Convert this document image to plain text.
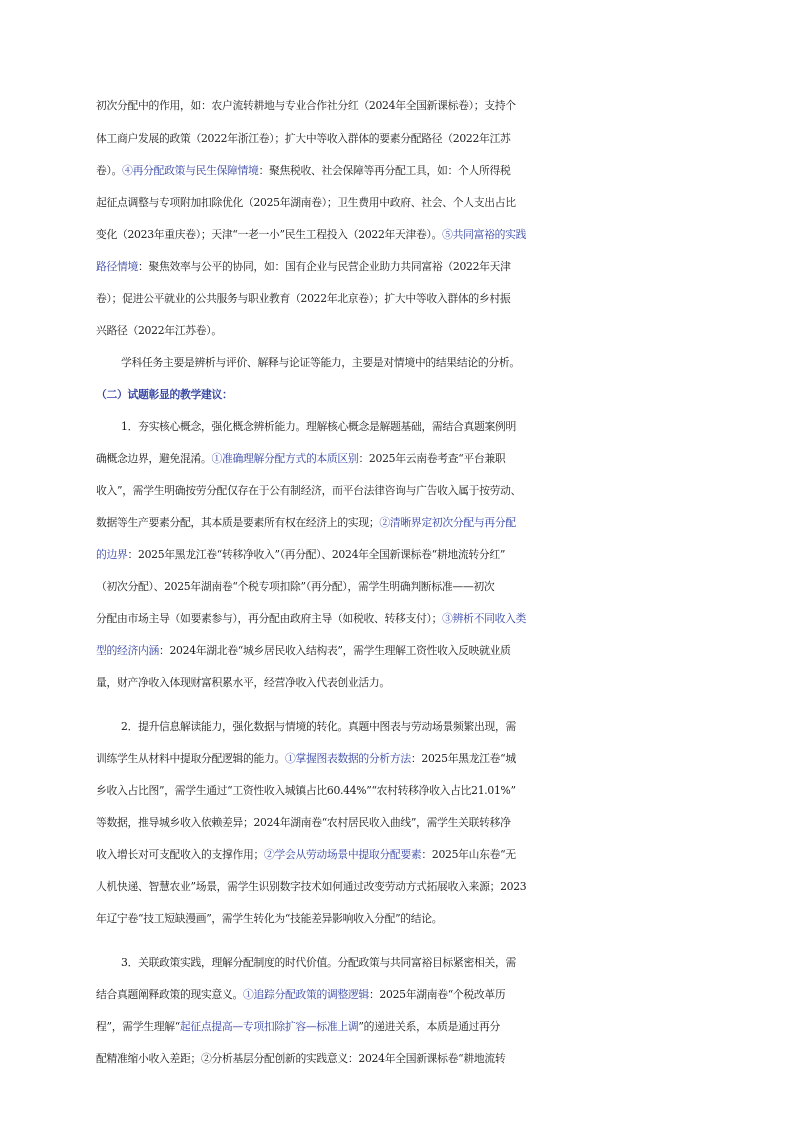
初次分配中的作用，如：农户流转耕地与专业合作社分红（2024年全国新课标卷）；支持个
体工商户发展的政策（2022年浙江卷）；扩大中等收入群体的要素分配路径（2022年江苏
卷）。④再分配政策与民生保障情境：聚焦税收、社会保障等再分配工具，如：个人所得税
起征点调整与专项附加扣除优化（2025年湖南卷）；卫生费用中政府、社会、个人支出占比
变化（2023年重庆卷）；天津“一老一小”民生工程投入（2022年天津卷）。⑤共同富裕的实践
路径情境：聚焦效率与公平的协同，如：国有企业与民营企业助力共同富裕（2022年天津
卷）；促进公平就业的公共服务与职业教育（2022年北京卷）；扩大中等收入群体的乡村振
兴路径（2022年江苏卷）。
学科任务主要是辨析与评价、解释与论证等能力，主要是对情境中的结果结论的分析。
（二）试题彰显的教学建议：
1．夯实核心概念，强化概念辨析能力。理解核心概念是解题基础，需结合真题案例明
确概念边界，避免混淆。①准确理解分配方式的本质区别：2025年云南卷考查“平台兼职
收入”，需学生明确按劳分配仅存在于公有制经济，而平台法律咨询与广告收入属于按劳动、
数据等生产要素分配，其本质是要素所有权在经济上的实现；②清晰界定初次分配与再分配
的边界：2025年黑龙江卷“转移净收入”（再分配）、2024年全国新课标卷“耕地流转分红”
（初次分配）、2025年湖南卷“个税专项扣除”（再分配），需学生明确判断标准——初次
分配由市场主导（如要素参与），再分配由政府主导（如税收、转移支付）；③辨析不同收入类
型的经济内涵：2024年湖北卷“城乡居民收入结构表”，需学生理解工资性收入反映就业质
量，财产净收入体现财富积累水平，经营净收入代表创业活力。
2．提升信息解读能力，强化数据与情境的转化。真题中图表与劳动场景频繁出现，需
训练学生从材料中提取分配逻辑的能力。①掌握图表数据的分析方法：2025年黑龙江卷“城
乡收入占比图”，需学生通过“工资性收入城镇占比60.44%”“农村转移净收入占比21.01%”
等数据，推导城乡收入依赖差异；2024年湖南卷“农村居民收入曲线”，需学生关联转移净
收入增长对可支配收入的支撑作用；②学会从劳动场景中提取分配要素：2025年山东卷“无
人机快递、智慧农业”场景，需学生识别数字技术如何通过改变劳动方式拓展收入来源；2023
年辽宁卷“技工短缺漫画”，需学生转化为“技能差异影响收入分配”的结论。
3．关联政策实践，理解分配制度的时代价值。分配政策与共同富裕目标紧密相关，需
结合真题阐释政策的现实意义。①追踪分配政策的调整逻辑：2025年湖南卷“个税改革历
程”，需学生理解“起征点提高—专项扣除扩容—标准上调”的递进关系，本质是通过再分
配精准缩小收入差距；②分析基层分配创新的实践意义：2024年全国新课标卷“耕地流转
